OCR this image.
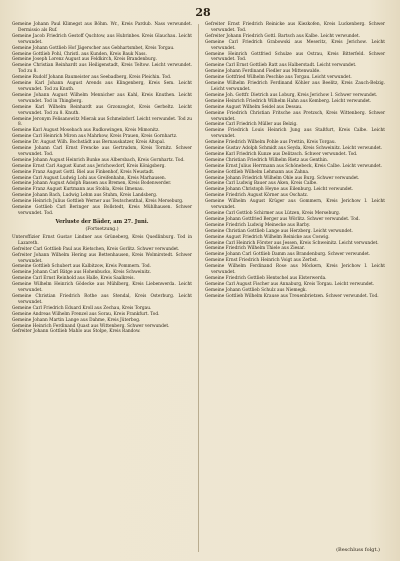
28

Gemeine Johann Paul Klimegst aus Böhm. Wr., Kreis Pardub. Nass verwundet. Dermissio als Ruf.

Gemeine Jacob Friedrich Gestoff Quchtow, aus Hubrinbes. Kreis Glauchau. Leicht verwundet.

Gemeine Johann Gottlieb Hof Jägerscher aus Gebhartsmbet, Kreis Torgau.

Gemeine Gottlieb Pohl, Christl. aus Kunden, Kreis Bauk Nass.

Gemeine Joseph Lorenz August aus Feldkirch, Kreis Brandenburg.

Gemeine Christian Reinhardt aus Heiligenstadt, Kreis Teltow. Leicht verwundet. Tod zu 8.

Gemeine Rudolf Johann Baumeister aus Seebadberg, Kreis Pleichin. Tod.

Gemeine Karl Johann August Arends aus Klingenberg, Kreis Sem. Leicht verwundet. Tod zu Knuth.

Gemeine Johann August Wilhelm Mennicher aus Kahl, Kreis Knuthen. Leicht verwundet. Tod in Thingberg.

Gemeine Karl Wilhelm Reinhardt aus Grzonzoglot, Kreis Gerbeltz. Leicht verwundet. Tod zu 8. Knuth.

Gemeine Jeronym Felisanowitz Mierak aus Schmelzdorf. Leicht verwundet. Tod zu 8.

Gemeine Karl August Mosebach aus Rudkowingen, Kreis Mimonitz.

Gemeine Carl Heinrich Miron aus Mahrkow, Kreis Prauen, Kreis Gornhartz.

Gemeine Dr. August Wilh. Bochstädt aus Bernauskatzer, Kreis Altspal.

Gemeine Johann Carl Ernst Frencke aus Gertrudsm, Kreis Tornitz. Schwer verwundet. Tod.

Gemeine Johann August Heinrich Bunke aus Albersbach, Kreis Gornhartz. Tod.

Gemeine Ernst Carl August Kunst aus Jerichowdorf, Kreis Königsberg.

Gemeine Franz August Gottl. Biel aus Finkenhof, Kreis Neustadt.

Gemeine Carl August Ludwig Lohi aus Greifenhahn, Kreis Marhausen.

Gemeine Johann August Adolph Bassen aus Bremen, Kreis Bodenwerder.

Gemeine Franz August Kurtmann aus Stobla, Kreis Ilmenau.

Gemeine Johann Bach, Ludwig Lehm aus Stuhm, Kreis Landsberg.

Gemeine Heinrich Julius Gottlieb Werner aus Teutschenthal, Kreis Merseburg.

Gemeine Gottlieb Carl Beringer aus Bollstedt, Kreis Mühlhausen. Schwer verwundet. Tod.

Verluste der Bäder, am 27. Juni.
(Fortsetzung.)

Unteroffizier Ernst Gustav Lindner aus Grüneberg, Kreis Quedlinburg. Tod in Lazareth.

Gefreiter Carl Gottlieb Paul aus Rietschen, Kreis Gorlitz. Schwer verwundet.

Gefreiter Johann Wilhelm Hering aus Bettenhausen, Kreis Wolmirstedt. Schwer verwundet.

Gemeine Gottlieb Schubert aus Kalbitzow, Kreis Pommern. Tod.

Gemeine Johann Carl Bätge aus Hohenbucko, Kreis Schweinitz.

Gemeine Carl Ernst Reinhold aus Halle, Kreis Saalkreis.

Gemeine Wilhelm Heinrich Gödecke aus Mühlberg, Kreis Liebenwerda. Leicht verwundet.

Gemeine Christian Friedrich Rothe aus Stendal, Kreis Osterburg. Leicht verwundet.

Gemeine Carl Friedrich Eduard Kroll aus Zechau, Kreis Torgau.

Gemeine Andreas Wilhelm Frenzel aus Sorau, Kreis Frankfurt. Tod.

Gemeine Johann Martin Lange aus Dahme, Kreis Jüterbog.

Gemeine Heinrich Ferdinand Quast aus Wittenberg. Schwer verwundet.

Gefreiter Johann Gottlieb Mahlo aus Stolpe, Kreis Randow.

Gefreiter Ernst Friedrich Reinicke aus Kiezkofen, Kreis Luckenberg. Schwer verwundet. Tod.

Gefreiter Johann Friedrich Gottl. Bartsch aus Kalbe. Leicht verwundet.

Gemeine Carl Friedrich Grabowski aus Meseritz, Kreis Jerichow. Leicht verwundet.

Gemeine Heinrich Gottfried Schulze aus Ostrau, Kreis Bitterfeld. Schwer verwundet. Tod.

Gemeine Carl Ernst Gottlieb Ratt aus Halberstadt. Leicht verwundet.

Gemeine Johann Ferdinand Fiedler aus Mittenwalde.

Gemeine Gottfried Wilhelm Peschke aus Torgau. Leicht verwundet.

Gemeine Wilhelm Friedrich Ferdinand Köhler aus Beelitz, Kreis Zauch-Belzig. Leicht verwundet.

Gemeine Joh. Gottfr. Dietrich aus Loburg, Kreis Jerichow I. Schwer verwundet.

Gemeine Heinrich Friedrich Wilhelm Hahn aus Kemberg. Leicht verwundet.

Gemeine August Wilhelm Seidel aus Dessau.

Gemeine Friedrich Christian Fritsche aus Pretzsch, Kreis Wittenberg. Schwer verwundet.

Gemeine Carl Friedrich Müller aus Belzig.

Gemeine Friedrich Louis Heinrich Jung aus Staßfurt, Kreis Calbe. Leicht verwundet.

Gemeine Friedrich Wilhelm Pohle aus Prettin, Kreis Torgau.

Gemeine Gustav Adolph Schmidt aus Seyda, Kreis Schweinitz. Leicht verwundet.

Gemeine Karl Friedrich Kunze aus Delitzsch. Schwer verwundet. Tod.

Gemeine Christian Friedrich Wilhelm Rietz aus Genthin.

Gemeine Ernst Julius Herrmann aus Schönebeck, Kreis Calbe. Leicht verwundet.

Gemeine Gottlieb Wilhelm Lehmann aus Zahna.

Gemeine Johann Friedrich Wilhelm Ohle aus Burg. Schwer verwundet.

Gemeine Carl Ludwig Bauer aus Aken, Kreis Calbe.

Gemeine Johann Christoph Heyne aus Eilenburg. Leicht verwundet.

Gemeine Friedrich August Körner aus Oschatz.

Gemeine Wilhelm August Krüger aus Gommern, Kreis Jerichow I. Leicht verwundet.

Gemeine Carl Gottlob Schirmer aus Lützen, Kreis Merseburg.

Gemeine Johann Gottfried Berger aus Wörlitz. Schwer verwundet. Tod.

Gemeine Friedrich Ludwig Meinecke aus Barby.

Gemeine Christian Gottlieb Lange aus Herzberg. Leicht verwundet.

Gemeine August Friedrich Wilhelm Reinicke aus Coswig.

Gemeine Carl Heinrich Förster aus Jessen, Kreis Schweinitz. Leicht verwundet.

Gemeine Friedrich Wilhelm Thiele aus Ziesar.

Gemeine Johann Carl Gottlieb Damm aus Brandenburg. Schwer verwundet.

Gemeine Ernst Friedrich Heinrich Voigt aus Zerbst.

Gemeine Wilhelm Ferdinand Rose aus Möckern, Kreis Jerichow I. Leicht verwundet.

Gemeine Friedrich Gottlieb Hentschel aus Elsterwerda.

Gemeine Carl August Fischer aus Annaburg, Kreis Torgau. Leicht verwundet.

Gemeine Johann Gottlieb Schulz aus Niemegk.

Gemeine Gottlieb Wilhelm Krause aus Treuenbrietzen. Schwer verwundet. Tod.

(Beschluss folgt.)
